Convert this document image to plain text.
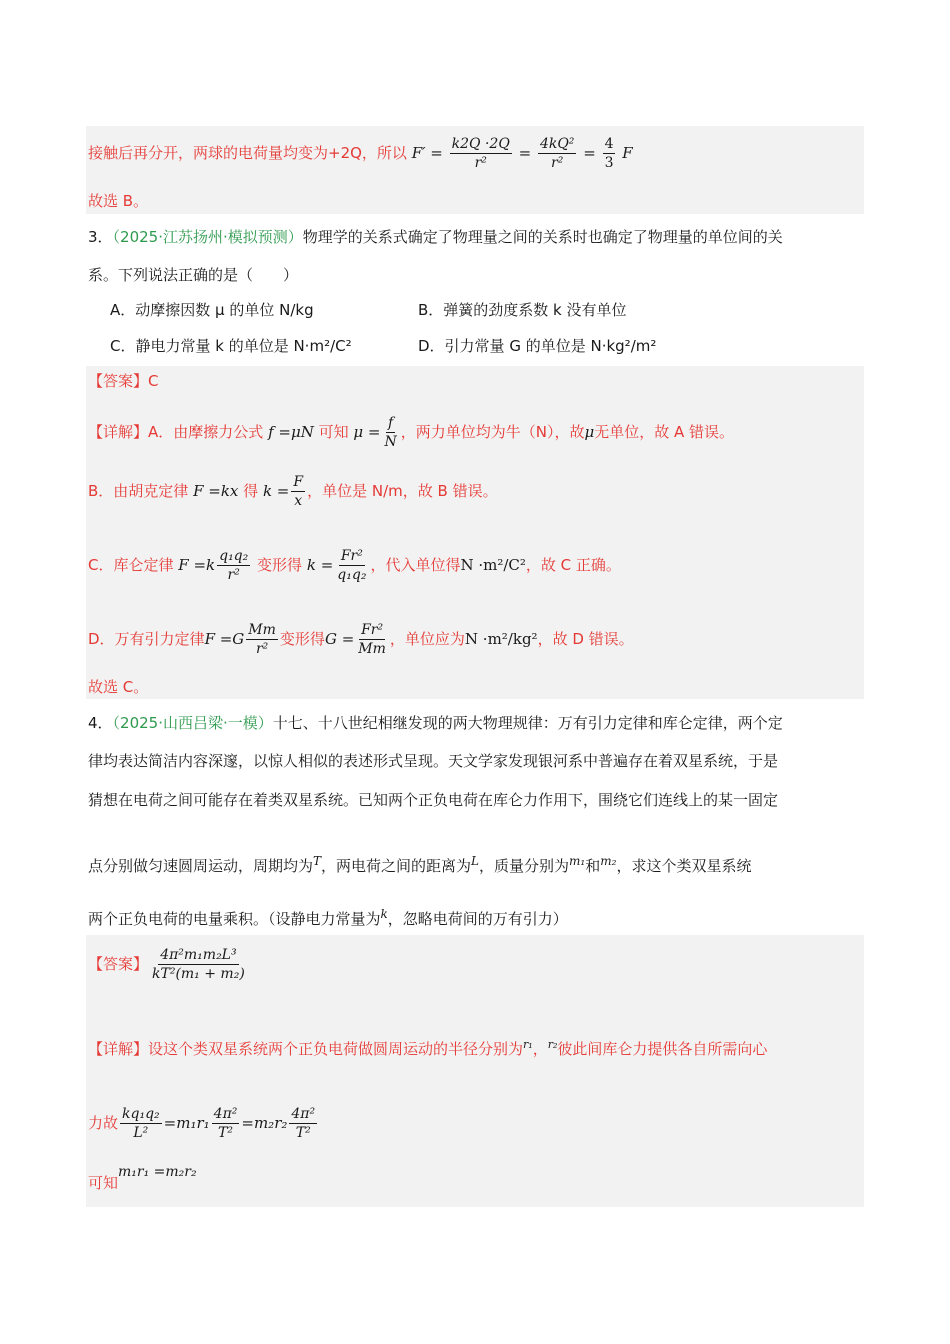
接触后再分开，两球的电荷量均变为+2Q，所以 $F' = \frac{k2Q \cdot 2Q}{\text{r²}} = \frac{\text{4kQ²}}{\text{r²}} = \frac{4}{3}$ F
故选 B。
3．（2025·江苏扬州·模拟预测）物理学的关系式确定了物理量之间的关系时也确定了物理量的单位间的关
系。下列说法正确的是（　　）
A．动摩擦因数 μ 的单位 N/kg	B．弹簧的劲度系数 k 没有单位
C．静电力常量 k 的单位是 N·m²/C²	D．引力常量 G 的单位是 N·kg²/m²
【答案】C
【详解】A．由摩擦力公式 f =μN 可知 $\mu = \frac{f}{N}$ ，两力单位均为牛（N），故μ无单位，故 A 错误。
B．由胡克定律 F =kx 得 $k = \frac{F}{x}$ ，单位是 N/m，故 B 错误。
C．库仑定律 $F =k \frac{\text{q₁q₂}}{\text{r²}}$ 变形得 $k = \frac{\text{Fr²}}{\text{q₁q₂}}$ ，代入单位得N ·m²/C²，故 C 正确。
D．万有引力定律$F =G \frac{Mm}{\text{r²}}$ 变形得$G = \frac{\text{Fr²}}{Mm}$ ，单位应为N ·m²/kg²，故 D 错误。
故选 C。
4．（2025·山西吕梁·一模）十七、十八世纪相继发现的两大物理规律：万有引力定律和库仑定律，两个定
律均表达简洁内容深邃，以惊人相似的表述形式呈现。天文学家发现银河系中普遍存在着双星系统，于是
猜想在电荷之间可能存在着类双星系统。已知两个正负电荷在库仑力作用下，围绕它们连线上的某一固定
点分别做匀速圆周运动，周期均为$^T$，两电荷之间的距离为$^L$，质量分别为$^{m_1}$和$^{m_2}$，求这个类双星系统
两个正负电荷的电量乘积。（设静电力常量为$^k$，忽略电荷间的万有引力）
【答案】 $\frac{\text{4π²m₁m₂L³}}{\text{kT²(m₁ + m₂)}}$
【详解】设这个类双星系统两个正负电荷做圆周运动的半径分别为$^{r_1}$，$^{r_2}$彼此间库仑力提供各自所需向心
力故 $\frac{\text{kq₁q₂}}{\text{L²}} =m_1r_1 \frac{\text{4π²}}{\text{T²}} =m_2r_2 \frac{\text{4π²}}{\text{T²}}$
可知m₁r₁ =m₂r₂
